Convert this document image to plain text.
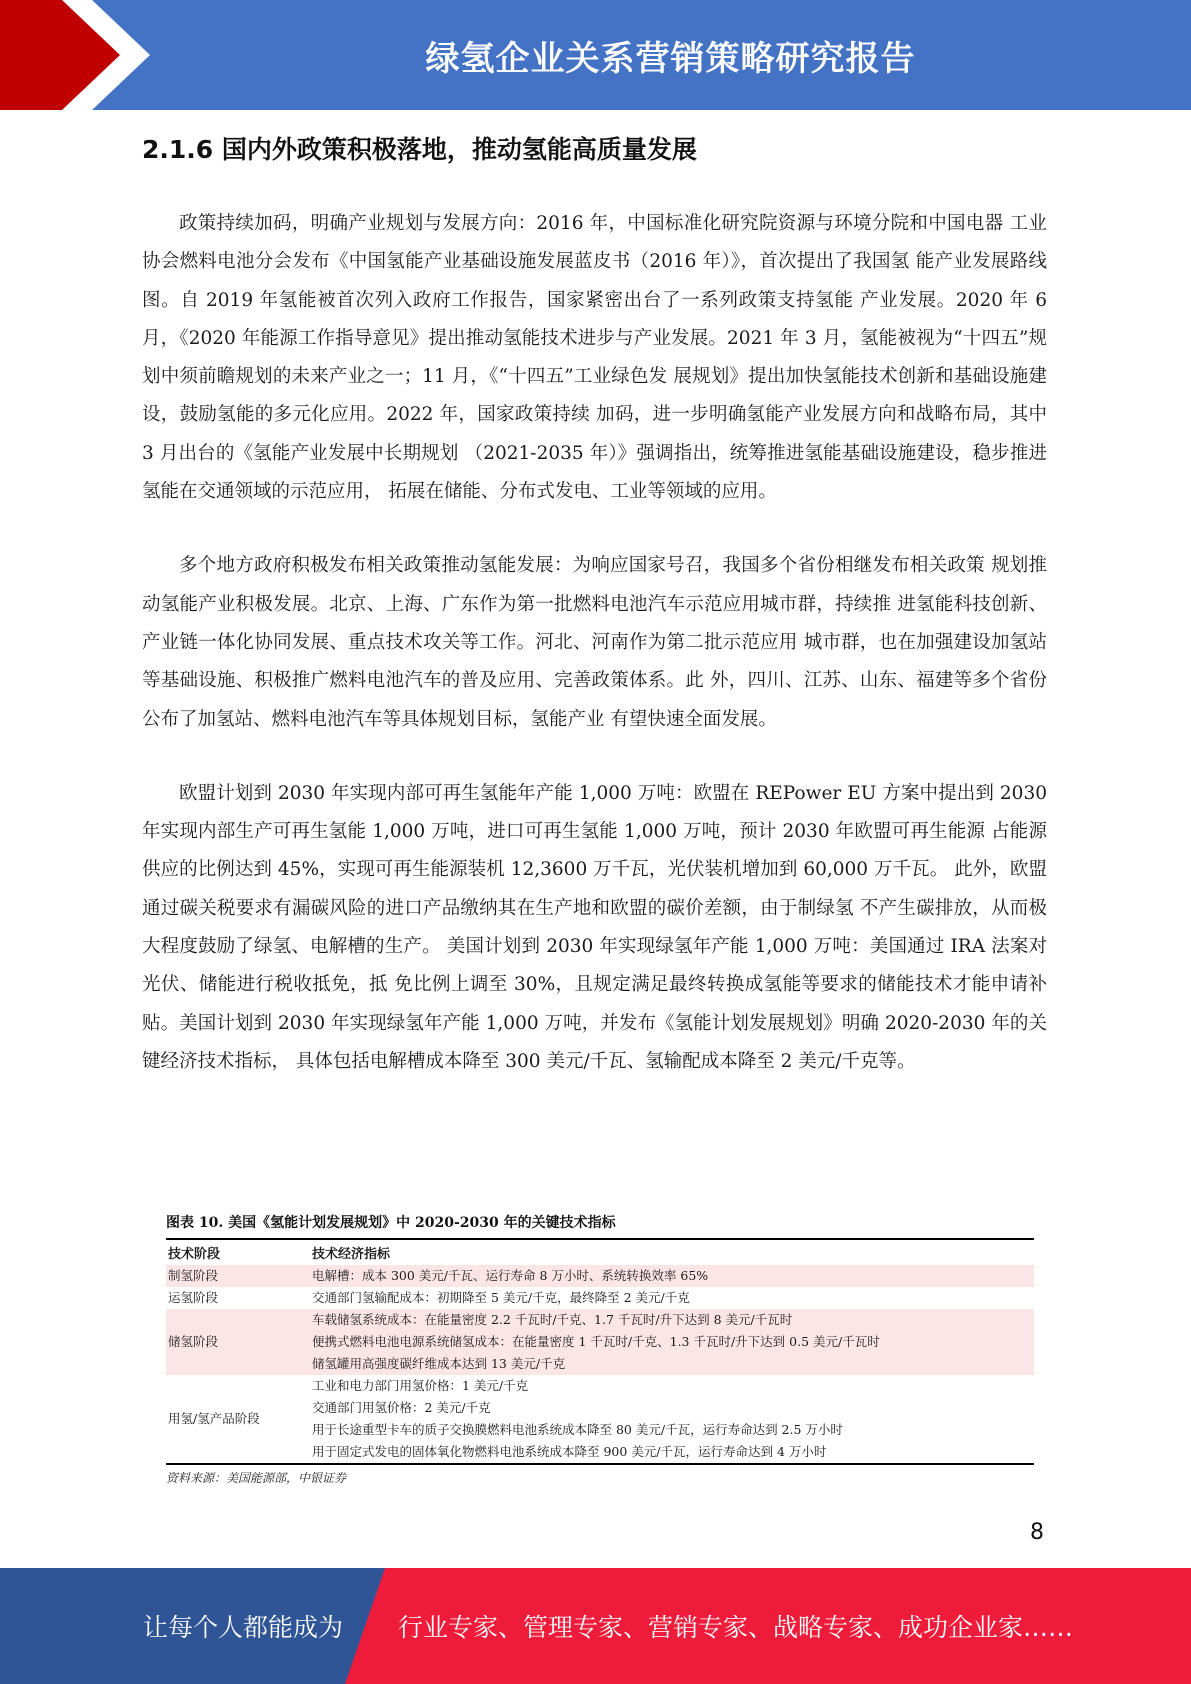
绿氢企业关系营销策略研究报告
2.1.6 国内外政策积极落地，推动氢能高质量发展

政策持续加码，明确产业规划与发展方向：2016 年，中国标准化研究院资源与环境分院和中国电器 工业协会燃料电池分会发布《中国氢能产业基础设施发展蓝皮书（2016 年）》，首次提出了我国氢 能产业发展路线图。自 2019 年氢能被首次列入政府工作报告，国家紧密出台了一系列政策支持氢能 产业发展。2020 年 6 月，《2020 年能源工作指导意见》提出推动氢能技术进步与产业发展。2021 年 3 月，氢能被视为“十四五”规划中须前瞻规划的未来产业之一；11 月，《“十四五”工业绿色发 展规划》提出加快氢能技术创新和基础设施建设，鼓励氢能的多元化应用。2022 年，国家政策持续 加码，进一步明确氢能产业发展方向和战略布局，其中 3 月出台的《氢能产业发展中长期规划 （2021-2035 年）》强调指出，统筹推进氢能基础设施建设，稳步推进氢能在交通领域的示范应用， 拓展在储能、分布式发电、工业等领域的应用。

多个地方政府积极发布相关政策推动氢能发展：为响应国家号召，我国多个省份相继发布相关政策 规划推动氢能产业积极发展。北京、上海、广东作为第一批燃料电池汽车示范应用城市群，持续推 进氢能科技创新、产业链一体化协同发展、重点技术攻关等工作。河北、河南作为第二批示范应用 城市群，也在加强建设加氢站等基础设施、积极推广燃料电池汽车的普及应用、完善政策体系。此 外，四川、江苏、山东、福建等多个省份公布了加氢站、燃料电池汽车等具体规划目标，氢能产业 有望快速全面发展。

欧盟计划到 2030 年实现内部可再生氢能年产能 1,000 万吨：欧盟在 REPower EU 方案中提出到 2030 年实现内部生产可再生氢能 1,000 万吨，进口可再生氢能 1,000 万吨，预计 2030 年欧盟可再生能源 占能源供应的比例达到 45%，实现可再生能源装机 12,3600 万千瓦，光伏装机增加到 60,000 万千瓦。 此外，欧盟通过碳关税要求有漏碳风险的进口产品缴纳其在生产地和欧盟的碳价差额，由于制绿氢 不产生碳排放，从而极大程度鼓励了绿氢、电解槽的生产。 美国计划到 2030 年实现绿氢年产能 1,000 万吨：美国通过 IRA 法案对光伏、储能进行税收抵免，抵 免比例上调至 30%，且规定满足最终转换成氢能等要求的储能技术才能申请补贴。美国计划到 2030 年实现绿氢年产能 1,000 万吨，并发布《氢能计划发展规划》明确 2020-2030 年的关键经济技术指标， 具体包括电解槽成本降至 300 美元/千瓦、氢输配成本降至 2 美元/千克等。

图表 10. 美国《氢能计划发展规划》中 2020-2030 年的关键技术指标
技术阶段	技术经济指标
制氢阶段	电解槽：成本 300 美元/千瓦、运行寿命 8 万小时、系统转换效率 65%
运氢阶段	交通部门氢输配成本：初期降至 5 美元/千克，最终降至 2 美元/千克
储氢阶段	车载储氢系统成本：在能量密度 2.2 千瓦时/千克、1.7 千瓦时/升下达到 8 美元/千瓦时
	便携式燃料电池电源系统储氢成本：在能量密度 1 千瓦时/千克、1.3 千瓦时/升下达到 0.5 美元/千瓦时
	储氢罐用高强度碳纤维成本达到 13 美元/千克
用氢/氢产品阶段	工业和电力部门用氢价格：1 美元/千克
	交通部门用氢价格：2 美元/千克
	用于长途重型卡车的质子交换膜燃料电池系统成本降至 80 美元/千瓦，运行寿命达到 2.5 万小时
	用于固定式发电的固体氧化物燃料电池系统成本降至 900 美元/千瓦，运行寿命达到 4 万小时
资料来源：美国能源部，中银证券
8
让每个人都能成为 行业专家、管理专家、营销专家、战略专家、成功企业家……
